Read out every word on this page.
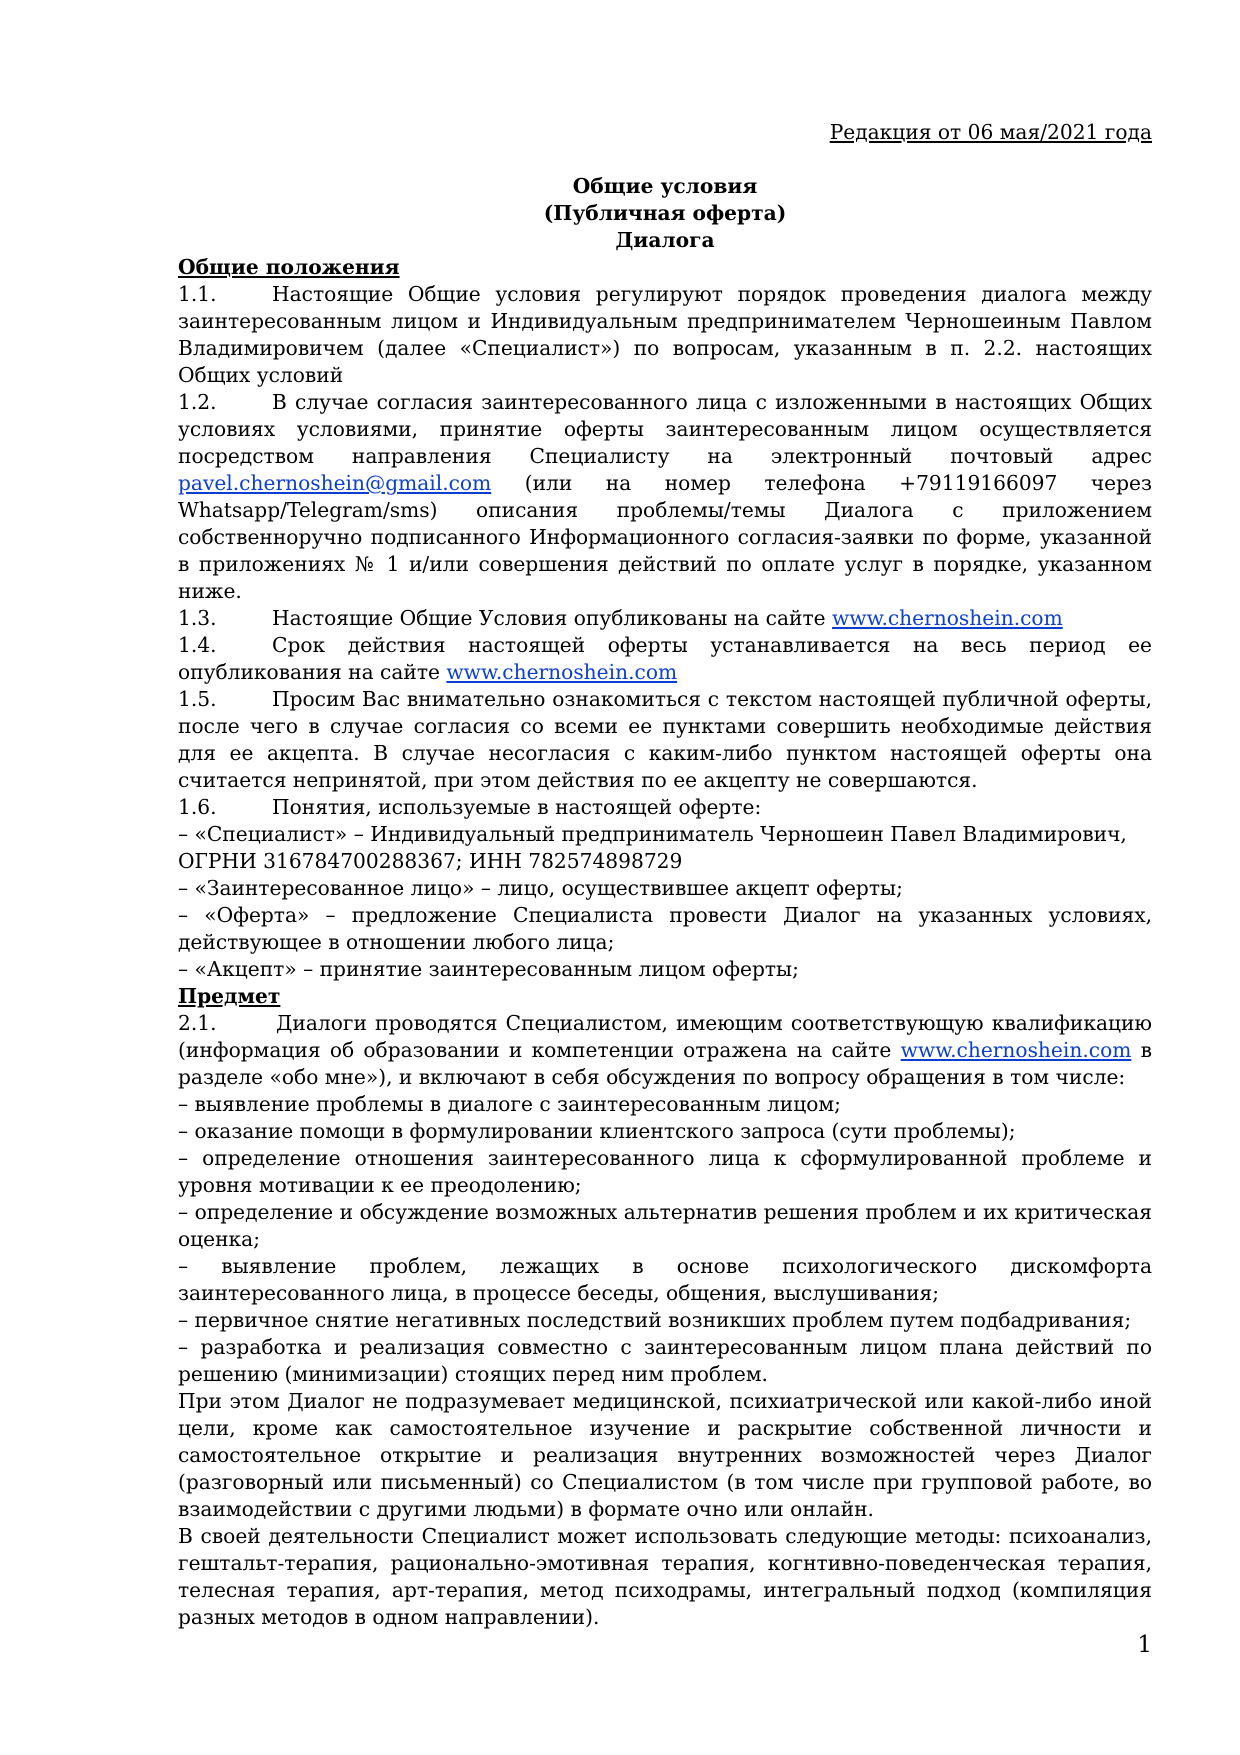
Редакция от 06 мая/2021 года
Общие условия
(Публичная оферта)
Диалога
Общие положения

1.1.	Настоящие Общие условия регулируют порядок проведения диалога между заинтересованным лицом и Индивидуальным предпринимателем Черношеиным Павлом Владимировичем (далее «Специалист») по вопросам, указанным в п. 2.2. настоящих Общих условий

1.2.	В случае согласия заинтересованного лица с изложенными в настоящих Общих условиях условиями, принятие оферты заинтересованным лицом осуществляется посредством направления Специалисту на электронный почтовый адрес pavel.chernoshein@gmail.com (или на номер телефона +79119166097 через Whatsapp/Telegram/sms) описания проблемы/темы Диалога с приложением собственноручно подписанного Информационного согласия-заявки по форме, указанной в приложениях № 1 и/или совершения действий по оплате услуг в порядке, указанном ниже.

1.3.	Настоящие Общие Условия опубликованы на сайте www.chernoshein.com

1.4.	Срок действия настоящей оферты устанавливается на весь период ее опубликования на сайте www.chernoshein.com

1.5.	Просим Вас внимательно ознакомиться с текстом настоящей публичной оферты, после чего в случае согласия со всеми ее пунктами совершить необходимые действия для ее акцепта. В случае несогласия с каким-либо пунктом настоящей оферты она считается непринятой, при этом действия по ее акцепту не совершаются.

1.6.	Понятия, используемые в настоящей оферте:

– «Специалист» – Индивидуальный предприниматель Черношеин Павел Владимирович,
ОГРНИ 316784700288367; ИНН 782574898729

– «Заинтересованное лицо» – лицо, осуществившее акцепт оферты;

– «Оферта» – предложение Специалиста провести Диалог на указанных условиях, действующее в отношении любого лица;

– «Акцепт» – принятие заинтересованным лицом оферты;

Предмет

2.1.	Диалоги проводятся Специалистом, имеющим соответствующую квалификацию (информация об образовании и компетенции отражена на сайте www.chernoshein.com в разделе «обо мне»), и включают в себя обсуждения по вопросу обращения в том числе:

– выявление проблемы в диалоге с заинтересованным лицом;

– оказание помощи в формулировании клиентского запроса (сути проблемы);

– определение отношения заинтересованного лица к сформулированной проблеме и уровня мотивации к ее преодолению;

– определение и обсуждение возможных альтернатив решения проблем и их критическая оценка;

– выявление проблем, лежащих в основе психологического дискомфорта заинтересованного лица, в процессе беседы, общения, выслушивания;

– первичное снятие негативных последствий возникших проблем путем подбадривания;

– разработка и реализация совместно с заинтересованным лицом плана действий по решению (минимизации) стоящих перед ним проблем.

При этом Диалог не подразумевает медицинской, психиатрической или какой-либо иной цели, кроме как самостоятельное изучение и раскрытие собственной личности и самостоятельное открытие и реализация внутренних возможностей через Диалог (разговорный или письменный) со Специалистом (в том числе при групповой работе, во взаимодействии с другими людьми) в формате очно или онлайн.

В своей деятельности Специалист может использовать следующие методы: психоанализ, гештальт-терапия, рационально-эмотивная терапия, когнтивно-поведенческая терапия, телесная терапия, арт-терапия, метод психодрамы, интегральный подход (компиляция разных методов в одном направлении).

1
